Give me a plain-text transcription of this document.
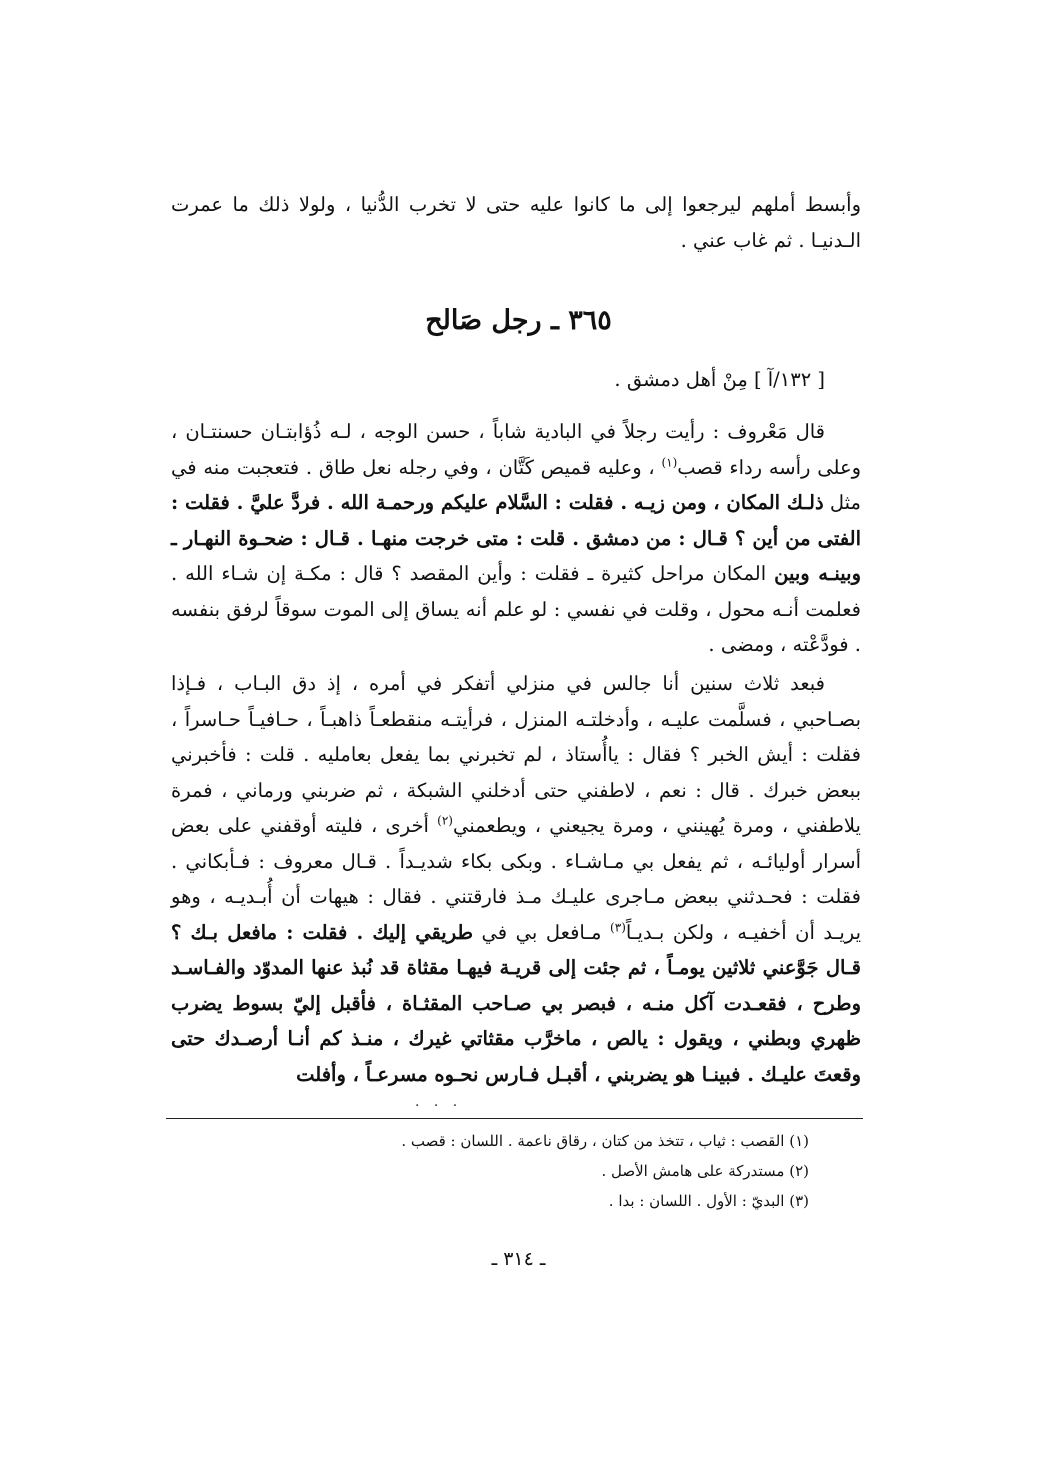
وأبسط أملهم ليرجعوا إلى ما كانوا عليه حتى لا تخرب الدُّنيا ، ولولا ذلك ما عمرت الـدنيـا . ثم غاب عني .

٣٦٥ ـ رجل صَالح

[ ١٣٢/آ ] مِنْ أهل دمشق .

قال مَعْروف : رأيت رجلاً في البادية شاباً ، حسن الوجه ، لـه ذُؤابتـان حسنتـان ، وعلى رأسه رداء قصب$^{(١)}$ ، وعليه قميص كَتَّان ، وفي رجله نعل طاق . فتعجبت منه في مثل ذلـك المكان ، ومن زيـه . فقلت : السَّلام عليكم ورحمـة الله . فردَّ عليَّ . فقلت : الفتى من أين ؟ قـال : من دمشق . قلت : متى خرجت منهـا . قـال : ضحـوة النهـار ـ وبينـه وبين المكان مراحل كثيرة ـ فقلت : وأين المقصد ؟ قال : مكـة إن شـاء الله . فعلمت أنـه محول ، وقلت في نفسي : لو علم أنه يساق إلى الموت سوقاً لرفق بنفسه . فودَّعْته ، ومضى .

فبعد ثلاث سنين أنا جالس في منزلي أتفكر في أمره ، إذ دق البـاب ، فـإذا بصـاحبي ، فسلَّمت عليـه ، وأدخلتـه المنزل ، فرأيتـه منقطعـاً ذاهبـاً ، حـافيـاً حـاسراً ، فقلت : أيش الخبر ؟ فقال : ياأُستاذ ، لم تخبرني بما يفعل بعامليه . قلت : فأخبرني ببعض خبرك . قال : نعم ، لاطفني حتى أدخلني الشبكة ، ثم ضربني ورماني ، فمرة يلاطفني ، ومرة يُهينني ، ومرة يجيعني ، ويطعمني$^{(٢)}$ أخرى ، فليته أوقفني على بعض أسرار أوليائـه ، ثم يفعل بي مـاشـاء . وبكى بكاء شديـداً . قـال معروف : فـأبكاني . فقلت : فحـدثني ببعض مـاجرى عليـك مـذ فارقتني . فقال : هيهات أن أُبـديـه ، وهو يريـد أن أخفيـه ، ولكن بـديـاً$^{(٣)}$ مـافعل بي في طريقي إليك . فقلت : مافعل بـك ؟ قـال جَوَّعني ثلاثين يومـاً ، ثم جئت إلى قريـة فيهـا مقثاة قد نُبذ عنها المدوّد والفـاسـد وطرح ، فقعـدت آكل منـه ، فبصر بي صـاحب المقثـاة ، فأقبل إليّ بسوط يضرب ظهري وبطني ، ويقول : يالص ، ماخرَّب مقثاتي غيرك ، منـذ كم أنـا أرصـدك حتى وقعتَ عليـك . فبينـا هو يضربني ، أقبـل فـارس نحـوه مسرعـاً ، وأفلت

· · ·

(١) القصب : ثياب ، تتخذ من كتان ، رقاق ناعمة . اللسان : قصب .

(٢) مستدركة على هامش الأصل .

(٣) البديّ : الأول . اللسان : بدا .

ـ ٣١٤ ـ
